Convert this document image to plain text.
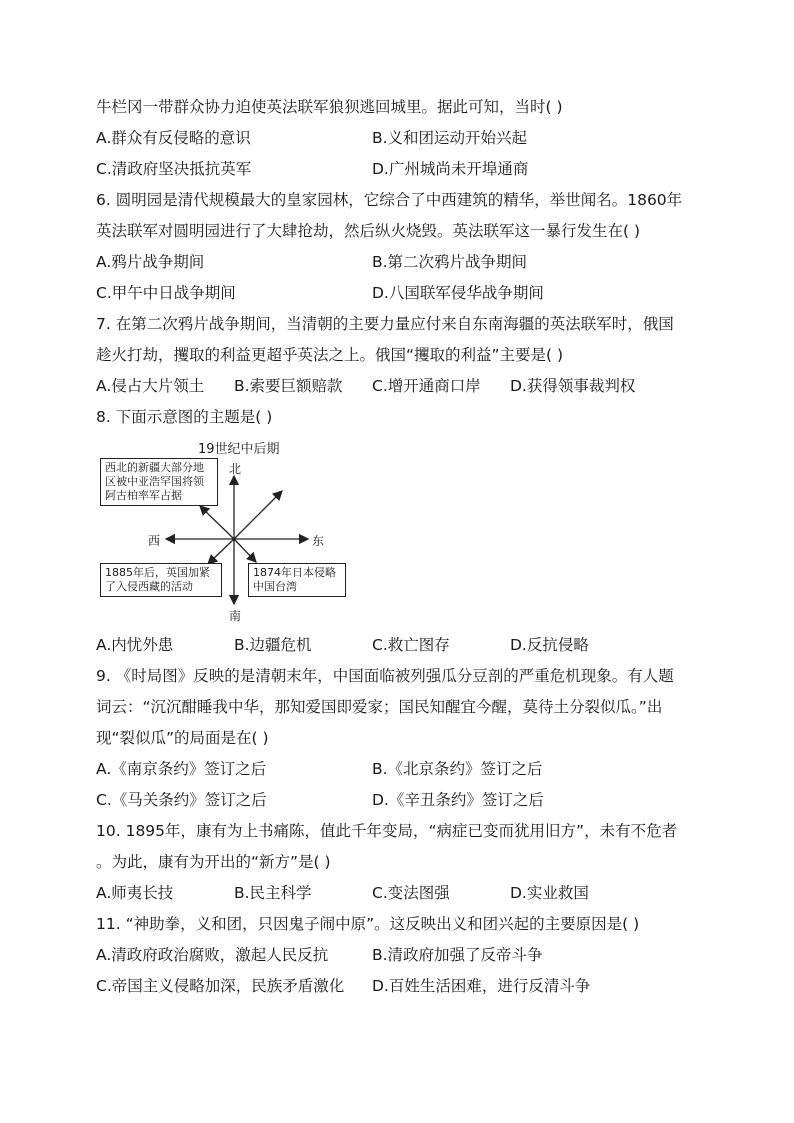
牛栏冈一带群众协力迫使英法联军狼狈逃回城里。据此可知，当时( )
A.群众有反侵略的意识	B.义和团运动开始兴起
C.清政府坚决抵抗英军	D.广州城尚未开埠通商
6. 圆明园是清代规模最大的皇家园林，它综合了中西建筑的精华，举世闻名。1860年
英法联军对圆明园进行了大肆抢劫，然后纵火烧毁。英法联军这一暴行发生在( )
A.鸦片战争期间	B.第二次鸦片战争期间
C.甲午中日战争期间	D.八国联军侵华战争期间
7. 在第二次鸦片战争期间，当清朝的主要力量应付来自东南海疆的英法联军时，俄国
趁火打劫，攫取的利益更超乎英法之上。俄国“攫取的利益”主要是( )
A.侵占大片领土 B.索要巨额赔款 C.增开通商口岸 D.获得领事裁判权
8. 下面示意图的主题是( )
19世纪中后期
北
南
西	东
西北的新疆大部分地
区被中亚浩罕国将领
阿古柏率军占据
1885年后，英国加紧
了入侵西藏的活动
1874年日本侵略
中国台湾
A.内忧外患	B.边疆危机	C.救亡图存	D.反抗侵略
9. 《时局图》反映的是清朝末年，中国面临被列强瓜分豆剖的严重危机现象。有人题
词云：“沉沉酣睡我中华，那知爱国即爱家；国民知醒宜今醒，莫待土分裂似瓜。”出
现“裂似瓜”的局面是在( )
A.《南京条约》签订之后	B.《北京条约》签订之后
C.《马关条约》签订之后	D.《辛丑条约》签订之后
10. 1895年，康有为上书痛陈，值此千年变局，“病症已变而犹用旧方”，未有不危者
。为此，康有为开出的“新方”是( )
A.师夷长技	B.民主科学	C.变法图强	D.实业救国
11. “神助拳，义和团，只因鬼子闹中原”。这反映出义和团兴起的主要原因是( )
A.清政府政治腐败，激起人民反抗	B.清政府加强了反帝斗争
C.帝国主义侵略加深，民族矛盾激化 D.百姓生活困难，进行反清斗争
